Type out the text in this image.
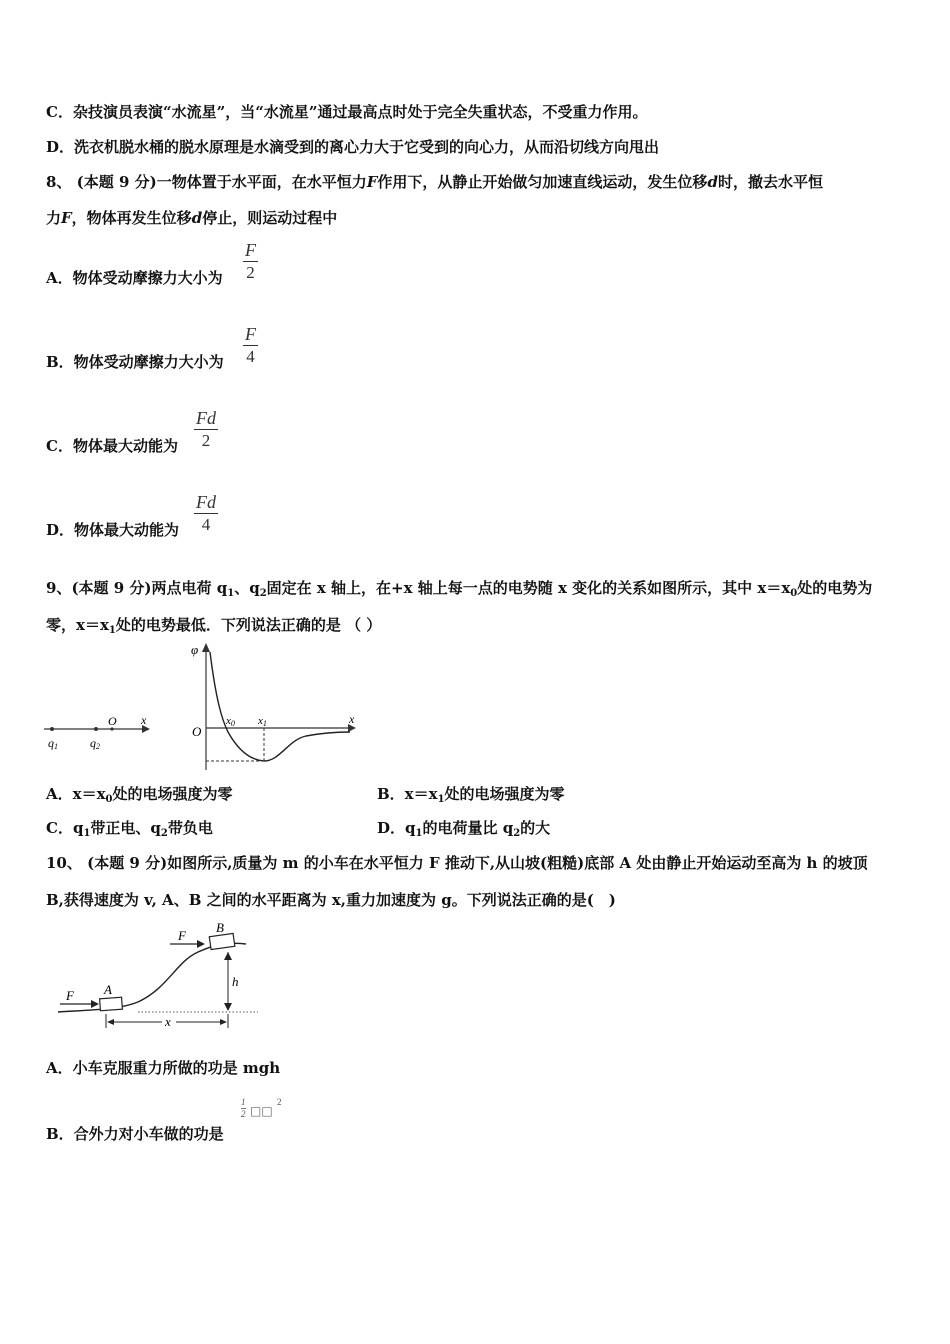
C．杂技演员表演“水流星”，当“水流星”通过最高点时处于完全失重状态，不受重力作用。
D．洗衣机脱水桶的脱水原理是水滴受到的离心力大于它受到的向心力，从而沿切线方向甩出
8、 (本题 9 分)一物体置于水平面，在水平恒力F作用下，从静止开始做匀加速直线运动，发生位移d时，撤去水平恒
力F，物体再发生位移d停止，则运动过程中
A．物体受动摩擦力大小为
F
2
B．物体受动摩擦力大小为
F
4
C．物体最大动能为
Fd
2
D．物体最大动能为
Fd
4
9、(本题 9 分)两点电荷 $q_1$、$q_2$固定在 x 轴上，在+x 轴上每一点的电势随 x 变化的关系如图所示，其中 $x=x_0$处的电势为
零，$x=x_1$处的电势最低．下列说法正确的是 （ ）
q1	q2
O x
φ
O
x0 x1	x
A．$x=x_0$处的电场强度为零	B．$x=x_1$处的电场强度为零
C．$q_1$带正电、$q_2$带负电	D．$q_1$的电荷量比 $q_2$的大
10、 (本题 9 分)如图所示,质量为 m 的小车在水平恒力 F 推动下,从山坡(粗糙)底部 A 处由静止开始运动至高为 h 的坡顶
B,获得速度为 v, A、B 之间的水平距离为 x,重力加速度为 g。下列说法正确的是(　)
F
F
A
B
h
x
A．小车克服重力所做的功是 mgh
B．合外力对小车做的功是
1
2 □□
2
